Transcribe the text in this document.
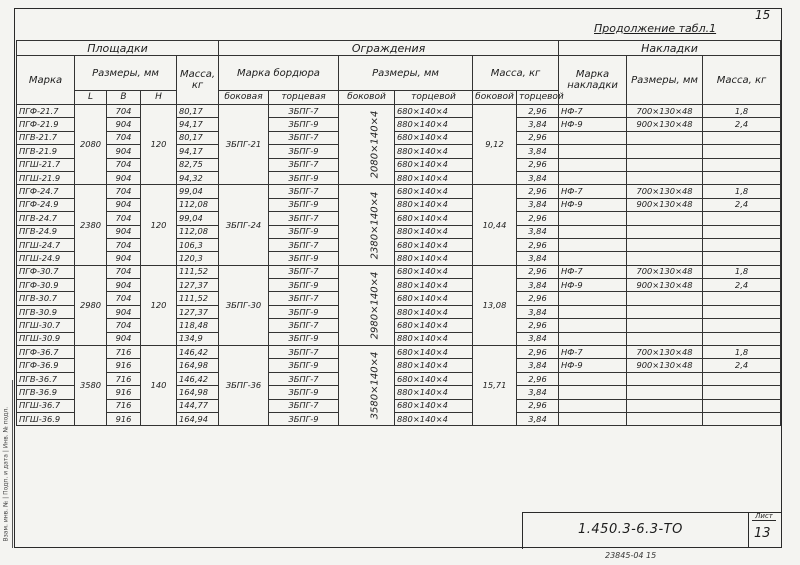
15
Продолжение табл.1
Взам. инв. № | Подп. и дата | Инв. № подл.
Площадки					Ограждения						Накладки		
Марка	Размеры, мм			Масса,
кг	Марка бордюра		Размеры, мм		Масса, кг		Марка накладки	Размеры, мм	Масса, кг
	L	B	H		боковая	торцевая	боковой	торцевой	боковой	торцевой			
ПГФ-21.7	2080	704	120	80,17	ЗБПГ-21	ЗБПГ-7	2080×140×4	680×140×4	9,12	2,96	НФ-7	700×130×48	1,8
ПГФ-21.9		904		94,17		ЗБПГ-9		880×140×4		3,84	НФ-9	900×130×48	2,4
ПГВ-21.7		704		80,17		ЗБПГ-7		680×140×4		2,96			
ПГВ-21.9		904		94,17		ЗБПГ-9		880×140×4		3,84			
ПГШ-21.7		704		82,75		ЗБПГ-7		680×140×4		2,96			
ПГШ-21.9		904		94,32		ЗБПГ-9		880×140×4		3,84			
ПГФ-24.7	2380	704	120	99,04	ЗБПГ-24	ЗБПГ-7	2380×140×4	680×140×4	10,44	2,96	НФ-7	700×130×48	1,8
ПГФ-24.9		904		112,08		ЗБПГ-9		880×140×4		3,84	НФ-9	900×130×48	2,4
ПГВ-24.7		704		99,04		ЗБПГ-7		680×140×4		2,96			
ПГВ-24.9		904		112,08		ЗБПГ-9		880×140×4		3,84			
ПГШ-24.7		704		106,3		ЗБПГ-7		680×140×4		2,96			
ПГШ-24.9		904		120,3		ЗБПГ-9		880×140×4		3,84			
ПГФ-30.7	2980	704	120	111,52	ЗБПГ-30	ЗБПГ-7	2980×140×4	680×140×4	13,08	2,96	НФ-7	700×130×48	1,8
ПГФ-30.9		904		127,37		ЗБПГ-9		880×140×4		3,84	НФ-9	900×130×48	2,4
ПГВ-30.7		704		111,52		ЗБПГ-7		680×140×4		2,96			
ПГВ-30.9		904		127,37		ЗБПГ-9		880×140×4		3,84			
ПГШ-30.7		704		118,48		ЗБПГ-7		680×140×4		2,96			
ПГШ-30.9		904		134,9		ЗБПГ-9		880×140×4		3,84			
ПГФ-36.7	3580	716	140	146,42	ЗБПГ-36	ЗБПГ-7	3580×140×4	680×140×4	15,71	2,96	НФ-7	700×130×48	1,8
ПГФ-36.9		916		164,98		ЗБПГ-9		880×140×4		3,84	НФ-9	900×130×48	2,4
ПГВ-36.7		716		146,42		ЗБПГ-7		680×140×4		2,96			
ПГВ-36.9		916		164,98		ЗБПГ-9		880×140×4		3,84			
ПГШ-36.7		716		144,77		ЗБПГ-7		680×140×4		2,96			
ПГШ-36.9		916		164,94		ЗБПГ-9		880×140×4		3,84			
1.450.3-6.3-ТО
Лист
13
23845-04 15
